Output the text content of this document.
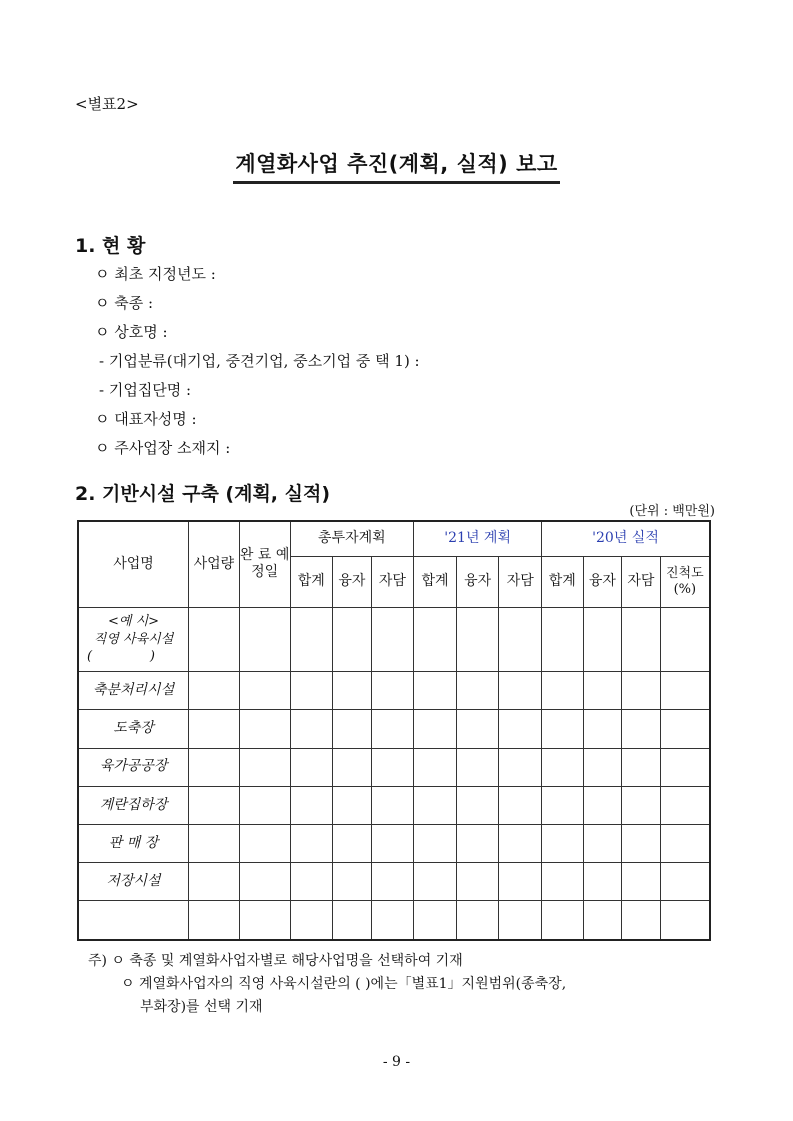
<별표2>
계열화사업 추진(계획, 실적) 보고
1. 현 황
ㅇ 최초 지정년도 :
ㅇ 축종 :
ㅇ 상호명 :
- 기업분류(대기업, 중견기업, 중소기업 중 택 1) :
- 기업집단명 :
ㅇ 대표자성명 :
ㅇ 주사업장 소재지 :
2. 기반시설 구축 (계획, 실적)
(단위 : 백만원)
사업명	사업량	완 료 예정일	총투자계획			'21년 계획			'20년 실적			
			합계	융자	자담	합계	융자	자담	합계	융자	자담	진척도 (%)

<예 시>
직영 사육시설
(              )												

축분처리시설												
도축장												
육가공공장												
계란집하장												
판 매 장												
저장시설												

주) ㅇ 축종 및 계열화사업자별로 해당사업명을 선택하여 기재
ㅇ 계열화사업자의 직영 사육시설란의 ( )에는「별표1」지원범위(종축장,
부화장)를 선택 기재
- 9 -
